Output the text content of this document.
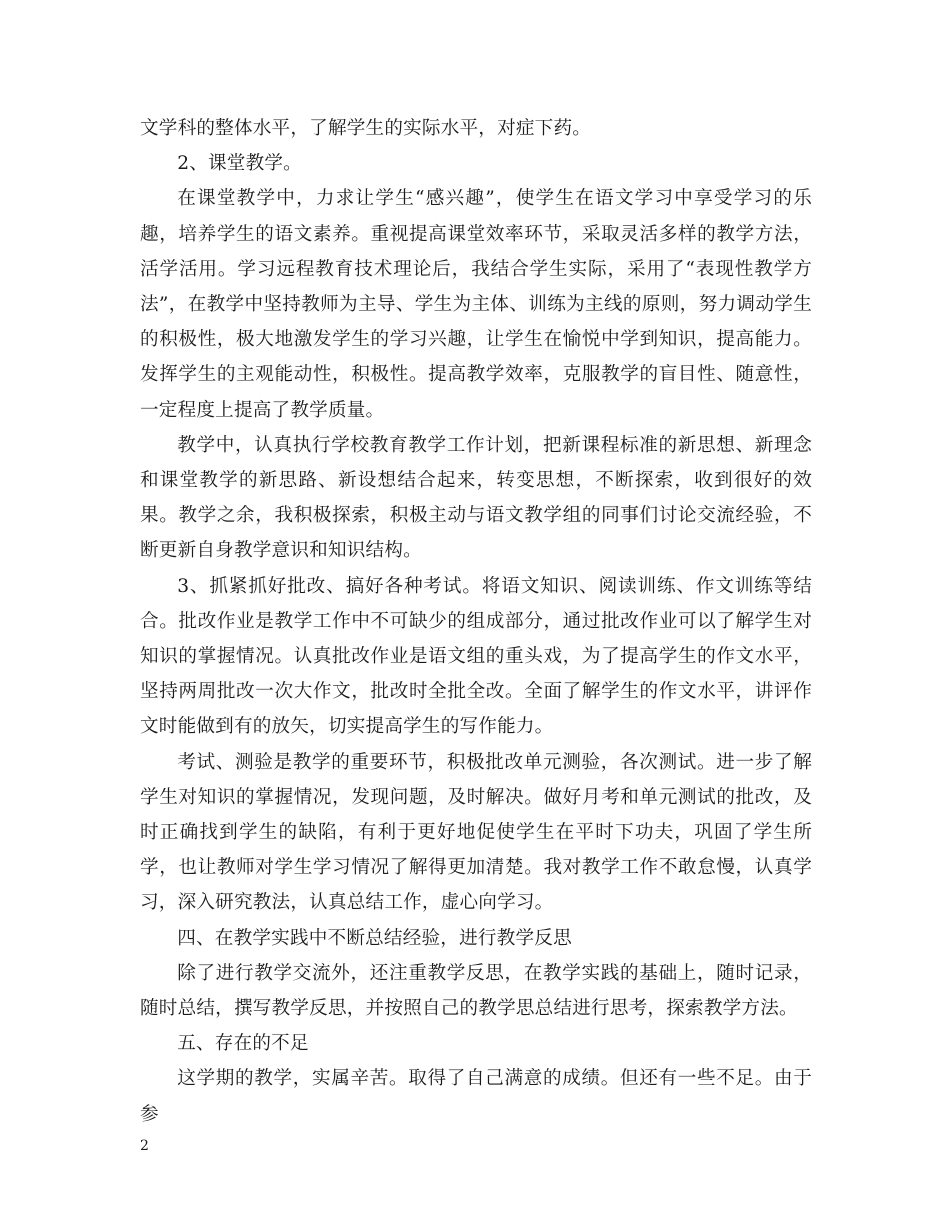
文学科的整体水平，了解学生的实际水平，对症下药。

2、课堂教学。

在课堂教学中，力求让学生“感兴趣”，使学生在语文学习中享受学习的乐趣，培养学生的语文素养。重视提高课堂效率环节，采取灵活多样的教学方法，活学活用。学习远程教育技术理论后，我结合学生实际，采用了“表现性教学方法”，在教学中坚持教师为主导、学生为主体、训练为主线的原则，努力调动学生的积极性，极大地激发学生的学习兴趣，让学生在愉悦中学到知识，提高能力。发挥学生的主观能动性，积极性。提高教学效率，克服教学的盲目性、随意性，一定程度上提高了教学质量。

教学中，认真执行学校教育教学工作计划，把新课程标准的新思想、新理念和课堂教学的新思路、新设想结合起来，转变思想，不断探索，收到很好的效果。教学之余，我积极探索，积极主动与语文教学组的同事们讨论交流经验，不断更新自身教学意识和知识结构。

3、抓紧抓好批改、搞好各种考试。将语文知识、阅读训练、作文训练等结合。批改作业是教学工作中不可缺少的组成部分，通过批改作业可以了解学生对知识的掌握情况。认真批改作业是语文组的重头戏，为了提高学生的作文水平，坚持两周批改一次大作文，批改时全批全改。全面了解学生的作文水平，讲评作文时能做到有的放矢，切实提高学生的写作能力。

考试、测验是教学的重要环节，积极批改单元测验，各次测试。进一步了解学生对知识的掌握情况，发现问题，及时解决。做好月考和单元测试的批改，及时正确找到学生的缺陷，有利于更好地促使学生在平时下功夫，巩固了学生所学，也让教师对学生学习情况了解得更加清楚。我对教学工作不敢怠慢，认真学习，深入研究教法，认真总结工作，虚心向学习。

四、在教学实践中不断总结经验，进行教学反思

除了进行教学交流外，还注重教学反思，在教学实践的基础上，随时记录，随时总结，撰写教学反思，并按照自己的教学思总结进行思考，探索教学方法。

五、存在的不足

这学期的教学，实属辛苦。取得了自己满意的成绩。但还有一些不足。由于参

2
